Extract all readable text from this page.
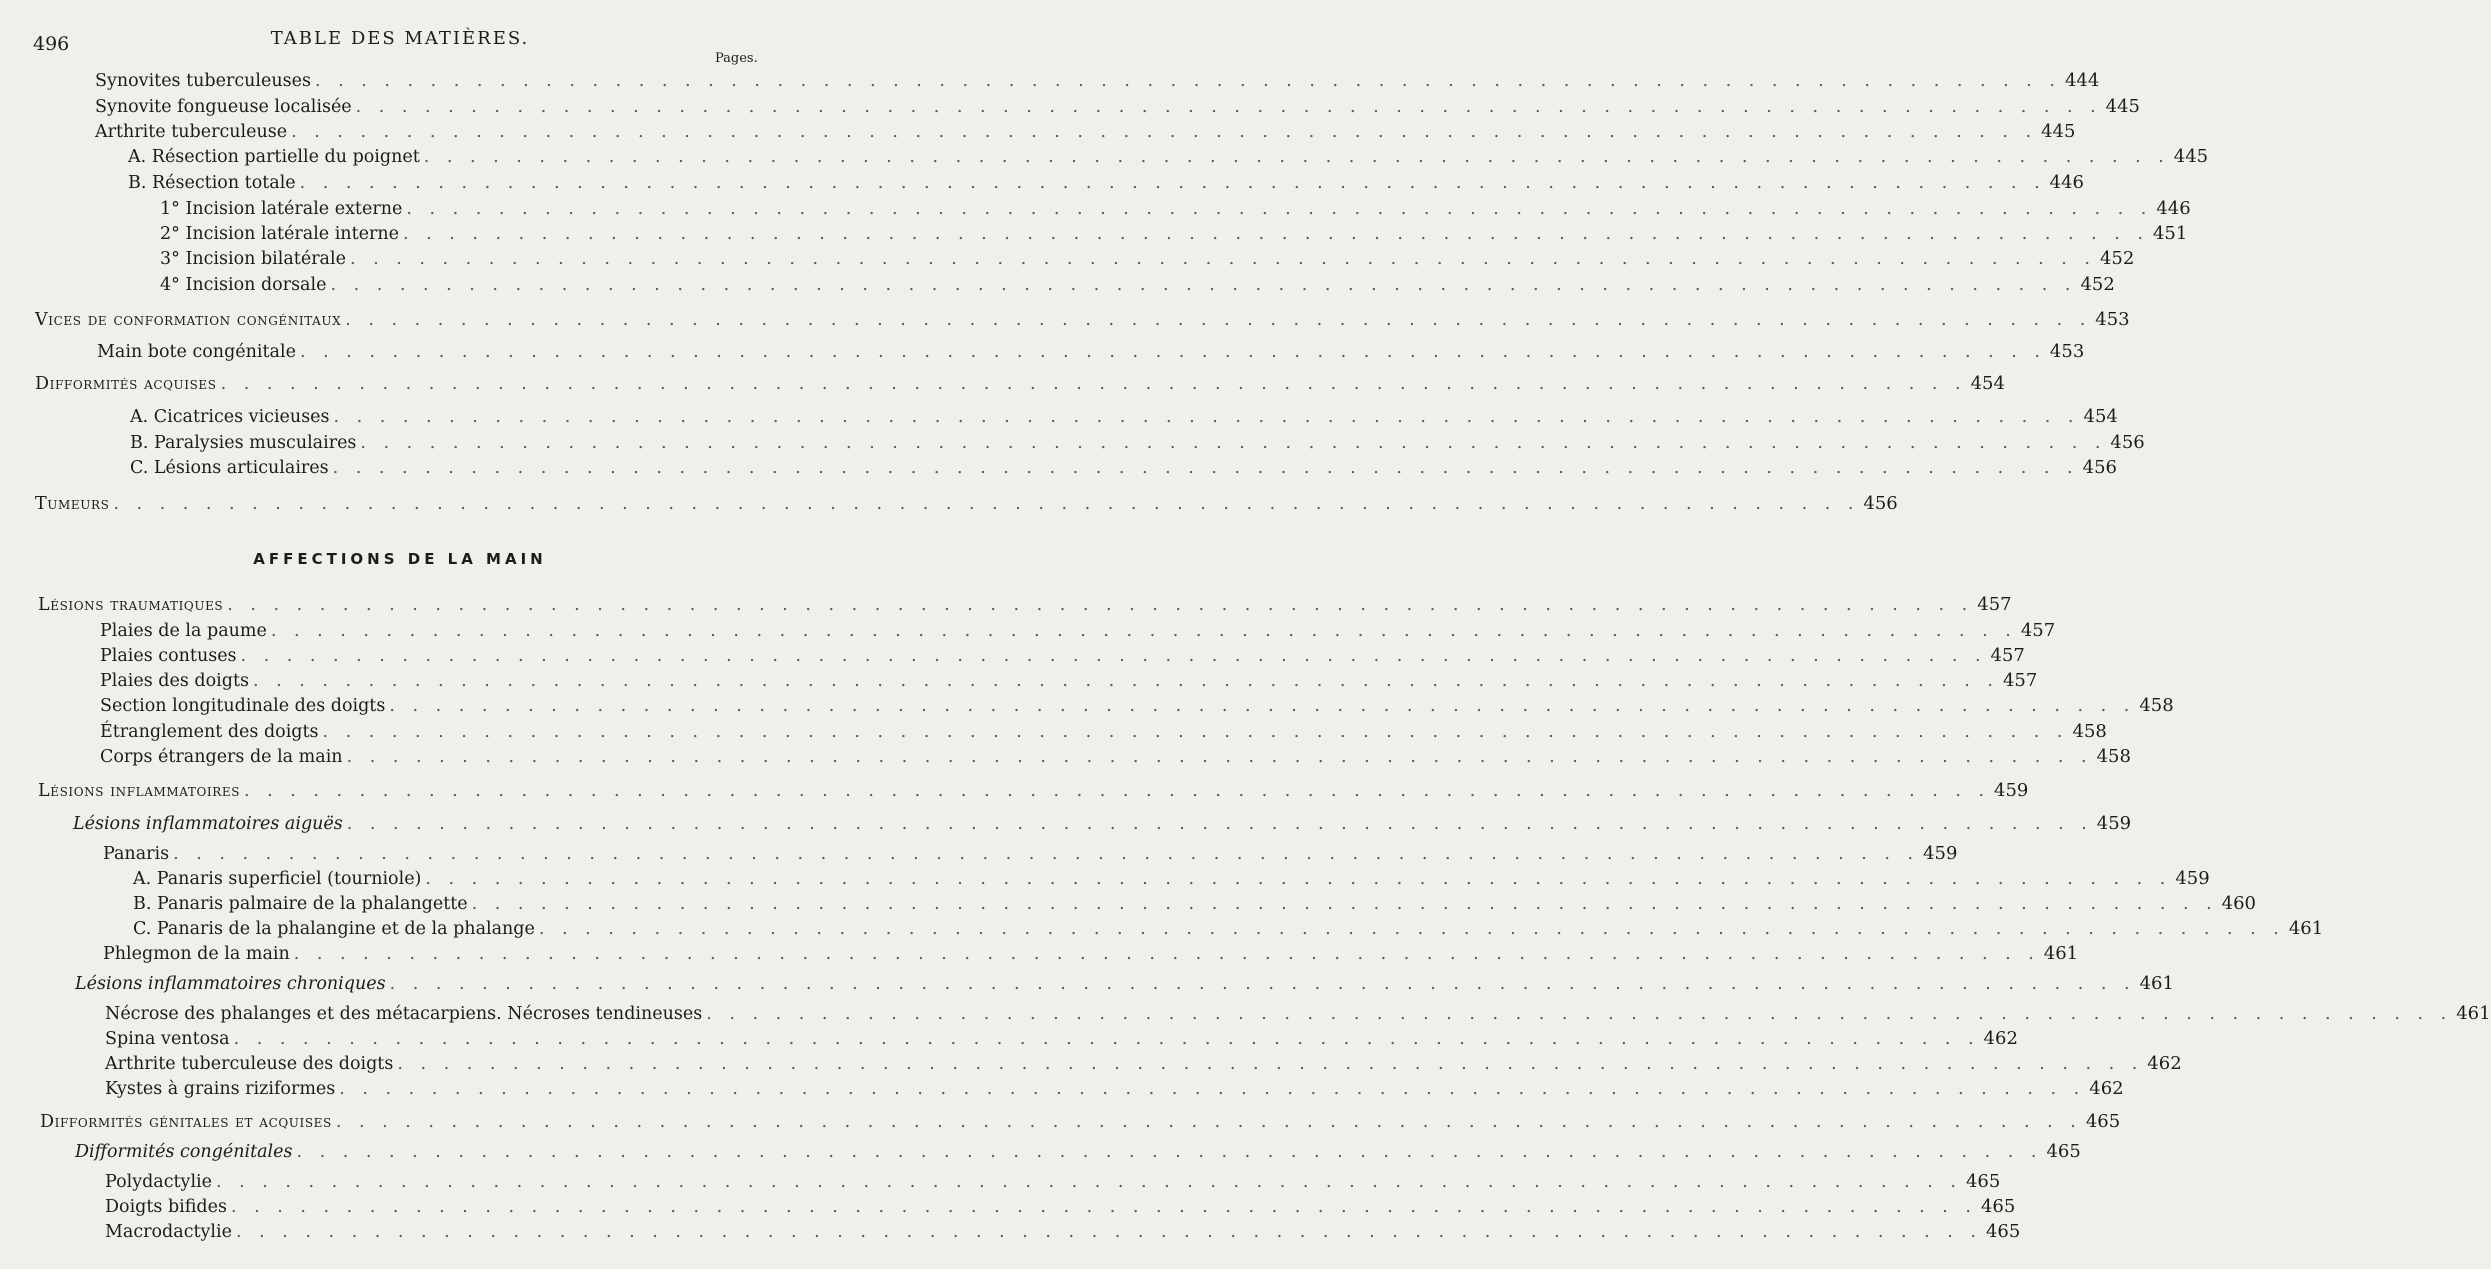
496	TABLE DES MATIÈRES.
Pages.
AFFECTIONS DE LA MAIN
Synovites tuberculeuses . . . . . . . . . . . . . . . . . . . . . . . . . . . . . . . . . . . . . . . . . . . . . . . . . . . . . . . . . . . . . . . . . . . . . . . . . . . . 444
Synovite fongueuse localisée . . . . . . . . . . . . . . . . . . . . . . . . . . . . . . . . . . . . . . . . . . . . . . . . . . . . . . . . . . . . . . . . . . . . . . . . . . . . 445
Arthrite tuberculeuse . . . . . . . . . . . . . . . . . . . . . . . . . . . . . . . . . . . . . . . . . . . . . . . . . . . . . . . . . . . . . . . . . . . . . . . . . . . . 445
A. Résection partielle du poignet . . . . . . . . . . . . . . . . . . . . . . . . . . . . . . . . . . . . . . . . . . . . . . . . . . . . . . . . . . . . . . . . . . . . . . . . . . . . 445
B. Résection totale . . . . . . . . . . . . . . . . . . . . . . . . . . . . . . . . . . . . . . . . . . . . . . . . . . . . . . . . . . . . . . . . . . . . . . . . . . . . 446
1° Incision latérale externe . . . . . . . . . . . . . . . . . . . . . . . . . . . . . . . . . . . . . . . . . . . . . . . . . . . . . . . . . . . . . . . . . . . . . . . . . . . . 446
2° Incision latérale interne . . . . . . . . . . . . . . . . . . . . . . . . . . . . . . . . . . . . . . . . . . . . . . . . . . . . . . . . . . . . . . . . . . . . . . . . . . . . 451
3° Incision bilatérale . . . . . . . . . . . . . . . . . . . . . . . . . . . . . . . . . . . . . . . . . . . . . . . . . . . . . . . . . . . . . . . . . . . . . . . . . . . . 452
4° Incision dorsale . . . . . . . . . . . . . . . . . . . . . . . . . . . . . . . . . . . . . . . . . . . . . . . . . . . . . . . . . . . . . . . . . . . . . . . . . . . . 452
Vices de conformation congénitaux . . . . . . . . . . . . . . . . . . . . . . . . . . . . . . . . . . . . . . . . . . . . . . . . . . . . . . . . . . . . . . . . . . . . . . . . . . . . 453
Main bote congénitale . . . . . . . . . . . . . . . . . . . . . . . . . . . . . . . . . . . . . . . . . . . . . . . . . . . . . . . . . . . . . . . . . . . . . . . . . . . . 453
Difformités acquises . . . . . . . . . . . . . . . . . . . . . . . . . . . . . . . . . . . . . . . . . . . . . . . . . . . . . . . . . . . . . . . . . . . . . . . . . . . . 454
A. Cicatrices vicieuses . . . . . . . . . . . . . . . . . . . . . . . . . . . . . . . . . . . . . . . . . . . . . . . . . . . . . . . . . . . . . . . . . . . . . . . . . . . . 454
B. Paralysies musculaires . . . . . . . . . . . . . . . . . . . . . . . . . . . . . . . . . . . . . . . . . . . . . . . . . . . . . . . . . . . . . . . . . . . . . . . . . . . . 456
C. Lésions articulaires . . . . . . . . . . . . . . . . . . . . . . . . . . . . . . . . . . . . . . . . . . . . . . . . . . . . . . . . . . . . . . . . . . . . . . . . . . . . 456
Tumeurs . . . . . . . . . . . . . . . . . . . . . . . . . . . . . . . . . . . . . . . . . . . . . . . . . . . . . . . . . . . . . . . . . . . . . . . . . . . . 456
Lésions traumatiques . . . . . . . . . . . . . . . . . . . . . . . . . . . . . . . . . . . . . . . . . . . . . . . . . . . . . . . . . . . . . . . . . . . . . . . . . . . . 457
Plaies de la paume . . . . . . . . . . . . . . . . . . . . . . . . . . . . . . . . . . . . . . . . . . . . . . . . . . . . . . . . . . . . . . . . . . . . . . . . . . . . 457
Plaies contuses . . . . . . . . . . . . . . . . . . . . . . . . . . . . . . . . . . . . . . . . . . . . . . . . . . . . . . . . . . . . . . . . . . . . . . . . . . . . 457
Plaies des doigts . . . . . . . . . . . . . . . . . . . . . . . . . . . . . . . . . . . . . . . . . . . . . . . . . . . . . . . . . . . . . . . . . . . . . . . . . . . . 457
Section longitudinale des doigts . . . . . . . . . . . . . . . . . . . . . . . . . . . . . . . . . . . . . . . . . . . . . . . . . . . . . . . . . . . . . . . . . . . . . . . . . . . . 458
Étranglement des doigts . . . . . . . . . . . . . . . . . . . . . . . . . . . . . . . . . . . . . . . . . . . . . . . . . . . . . . . . . . . . . . . . . . . . . . . . . . . . 458
Corps étrangers de la main . . . . . . . . . . . . . . . . . . . . . . . . . . . . . . . . . . . . . . . . . . . . . . . . . . . . . . . . . . . . . . . . . . . . . . . . . . . . 458
Lésions inflammatoires . . . . . . . . . . . . . . . . . . . . . . . . . . . . . . . . . . . . . . . . . . . . . . . . . . . . . . . . . . . . . . . . . . . . . . . . . . . . 459
Lésions inflammatoires aiguës . . . . . . . . . . . . . . . . . . . . . . . . . . . . . . . . . . . . . . . . . . . . . . . . . . . . . . . . . . . . . . . . . . . . . . . . . . . . 459
Panaris . . . . . . . . . . . . . . . . . . . . . . . . . . . . . . . . . . . . . . . . . . . . . . . . . . . . . . . . . . . . . . . . . . . . . . . . . . . . 459
A. Panaris superficiel (tourniole) . . . . . . . . . . . . . . . . . . . . . . . . . . . . . . . . . . . . . . . . . . . . . . . . . . . . . . . . . . . . . . . . . . . . . . . . . . . . 459
B. Panaris palmaire de la phalangette . . . . . . . . . . . . . . . . . . . . . . . . . . . . . . . . . . . . . . . . . . . . . . . . . . . . . . . . . . . . . . . . . . . . . . . . . . . . 460
C. Panaris de la phalangine et de la phalange . . . . . . . . . . . . . . . . . . . . . . . . . . . . . . . . . . . . . . . . . . . . . . . . . . . . . . . . . . . . . . . . . . . . . . . . . . . . 461
Phlegmon de la main . . . . . . . . . . . . . . . . . . . . . . . . . . . . . . . . . . . . . . . . . . . . . . . . . . . . . . . . . . . . . . . . . . . . . . . . . . . . 461
Lésions inflammatoires chroniques . . . . . . . . . . . . . . . . . . . . . . . . . . . . . . . . . . . . . . . . . . . . . . . . . . . . . . . . . . . . . . . . . . . . . . . . . . . . 461
Nécrose des phalanges et des métacarpiens. Nécroses tendineuses . . . . . . . . . . . . . . . . . . . . . . . . . . . . . . . . . . . . . . . . . . . . . . . . . . . . . . . . . . . . . . . . . . . . . . . . . . . . 461
Spina ventosa . . . . . . . . . . . . . . . . . . . . . . . . . . . . . . . . . . . . . . . . . . . . . . . . . . . . . . . . . . . . . . . . . . . . . . . . . . . . 462
Arthrite tuberculeuse des doigts . . . . . . . . . . . . . . . . . . . . . . . . . . . . . . . . . . . . . . . . . . . . . . . . . . . . . . . . . . . . . . . . . . . . . . . . . . . . 462
Kystes à grains riziformes . . . . . . . . . . . . . . . . . . . . . . . . . . . . . . . . . . . . . . . . . . . . . . . . . . . . . . . . . . . . . . . . . . . . . . . . . . . . 462
Difformités génitales et acquises . . . . . . . . . . . . . . . . . . . . . . . . . . . . . . . . . . . . . . . . . . . . . . . . . . . . . . . . . . . . . . . . . . . . . . . . . . . . 465
Difformités congénitales . . . . . . . . . . . . . . . . . . . . . . . . . . . . . . . . . . . . . . . . . . . . . . . . . . . . . . . . . . . . . . . . . . . . . . . . . . . . 465
Polydactylie . . . . . . . . . . . . . . . . . . . . . . . . . . . . . . . . . . . . . . . . . . . . . . . . . . . . . . . . . . . . . . . . . . . . . . . . . . . . 465
Doigts bifides . . . . . . . . . . . . . . . . . . . . . . . . . . . . . . . . . . . . . . . . . . . . . . . . . . . . . . . . . . . . . . . . . . . . . . . . . . . . 465
Macrodactylie . . . . . . . . . . . . . . . . . . . . . . . . . . . . . . . . . . . . . . . . . . . . . . . . . . . . . . . . . . . . . . . . . . . . . . . . . . . . 465
